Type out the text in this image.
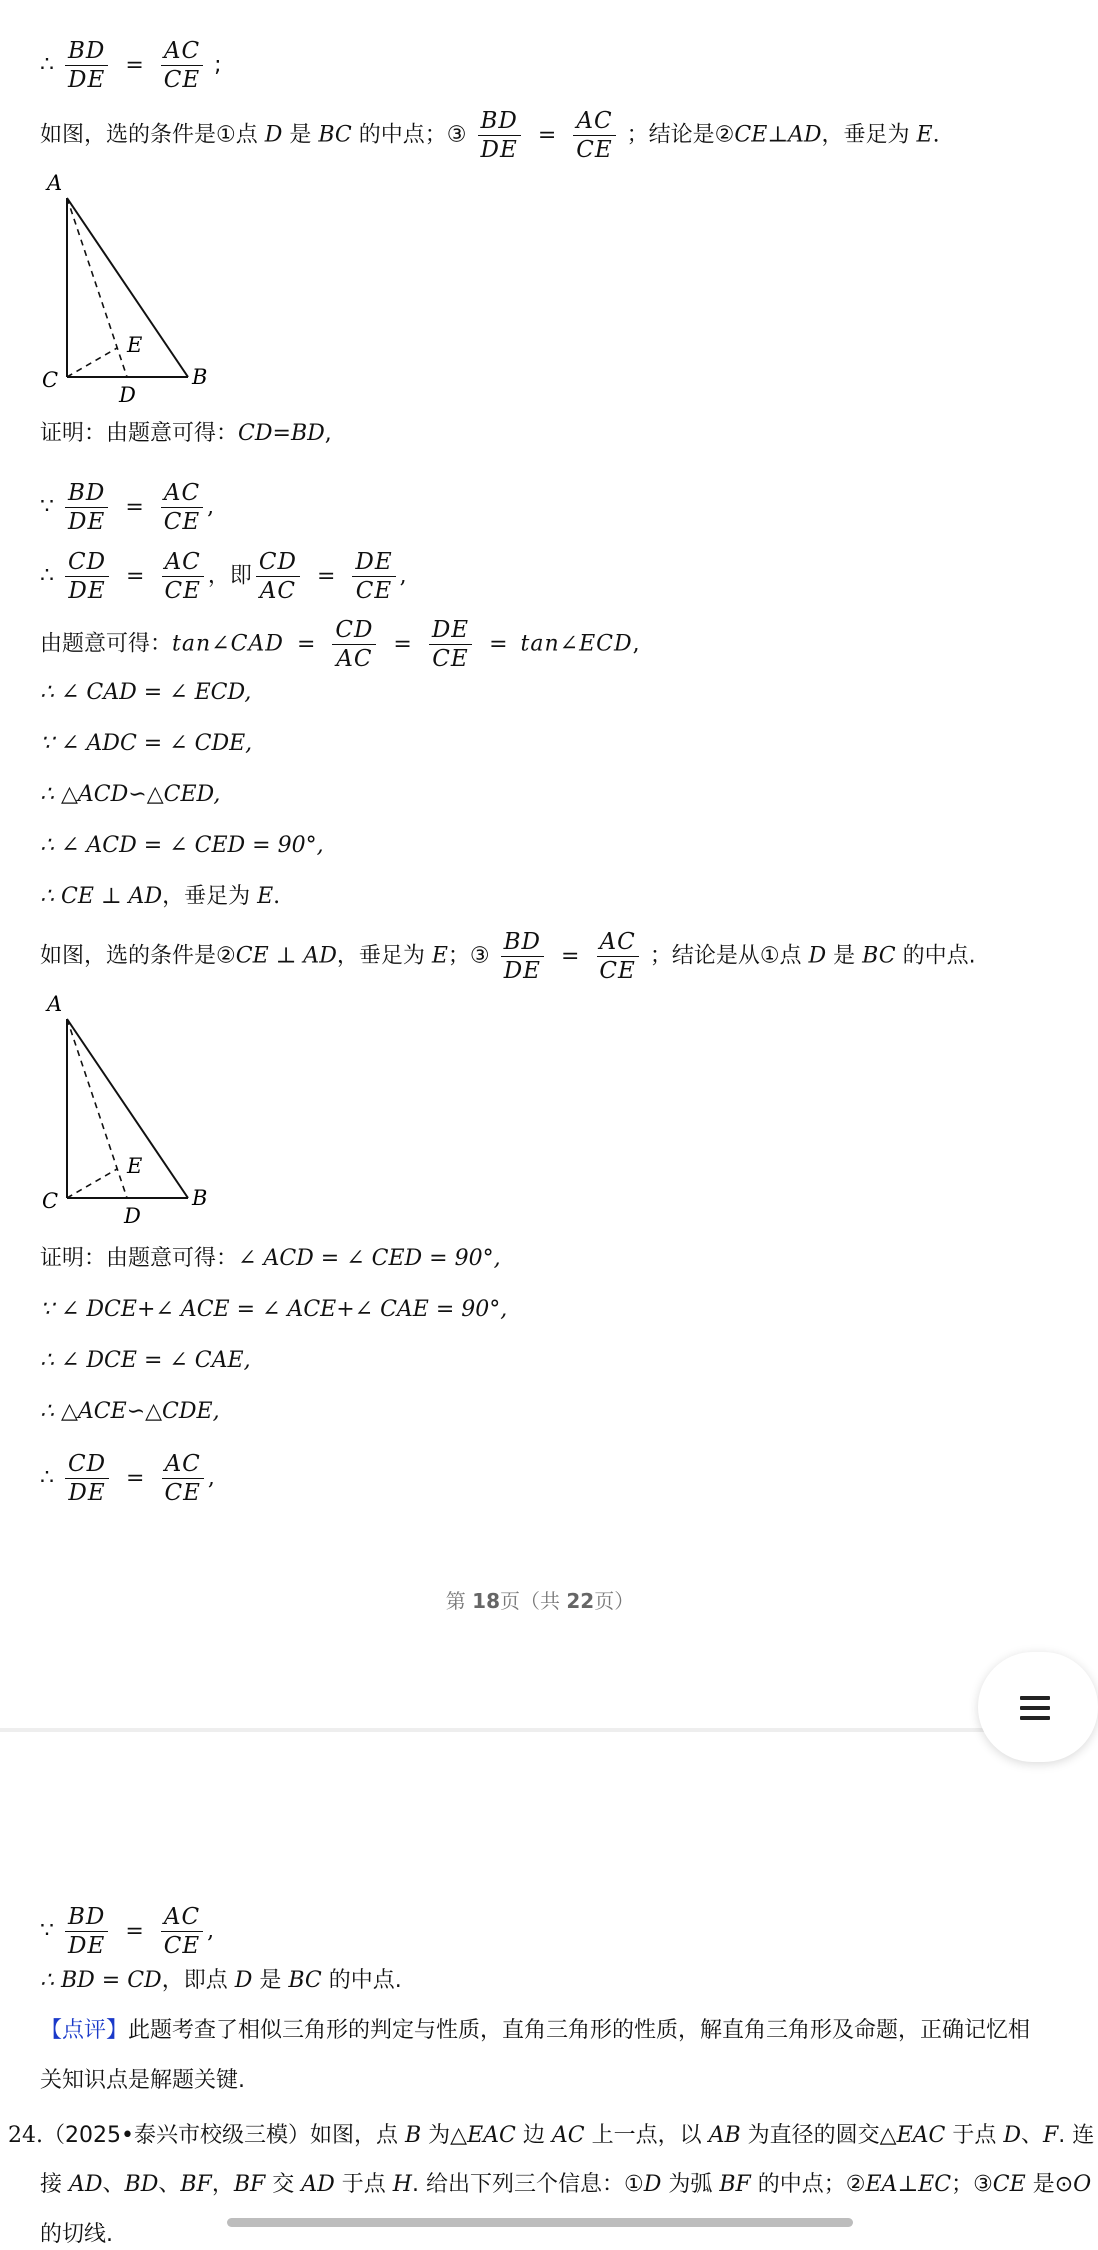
∴ $\frac{BD}{DE} = \frac{AC}{CE}$ ;
如图，选的条件是①点 D 是 BC 的中点；③ $\frac{BD}{DE} = \frac{AC}{CE}$ ；结论是②CE⊥AD，垂足为 E.
A
C
D
B
E
证明：由题意可得：CD=BD,
∵ $\frac{BD}{DE} = \frac{AC}{CE}$ ,
∴ $\frac{CD}{DE} = \frac{AC}{CE}$ ，即 $\frac{CD}{AC} = \frac{DE}{CE}$ ,
由题意可得：tan∠CAD = $\frac{CD}{AC} = \frac{DE}{CE}$ = tan∠ECD,
∴ ∠ CAD = ∠ ECD,
∵ ∠ ADC = ∠ CDE,
∴ △ACD∽△CED,
∴ ∠ ACD = ∠ CED = 90°,
∴ CE ⊥ AD，垂足为 E.
如图，选的条件是②CE ⊥ AD，垂足为 E；③ $\frac{BD}{DE} = \frac{AC}{CE}$ ；结论是从①点 D 是 BC 的中点.
A
C
D
B
E
证明：由题意可得：∠ ACD = ∠ CED = 90°,
∵ ∠ DCE+∠ ACE = ∠ ACE+∠ CAE = 90°,
∴ ∠ DCE = ∠ CAE,
∴ △ACE∽△CDE,
∴ $\frac{CD}{DE} = \frac{AC}{CE}$ ,
第 18页（共 22页）
∵ $\frac{BD}{DE} = \frac{AC}{CE}$ ,
∴ BD = CD，即点 D 是 BC 的中点.
【点评】此题考查了相似三角形的判定与性质，直角三角形的性质，解直角三角形及命题，正确记忆相
关知识点是解题关键.
24.（2025•泰兴市校级三模）如图，点 B 为△EAC 边 AC 上一点，以 AB 为直径的圆交△EAC 于点 D、F. 连
接 AD、BD、BF，BF 交 AD 于点 H. 给出下列三个信息：①D 为弧 BF 的中点；②EA⊥EC；③CE 是⊙O
的切线.
